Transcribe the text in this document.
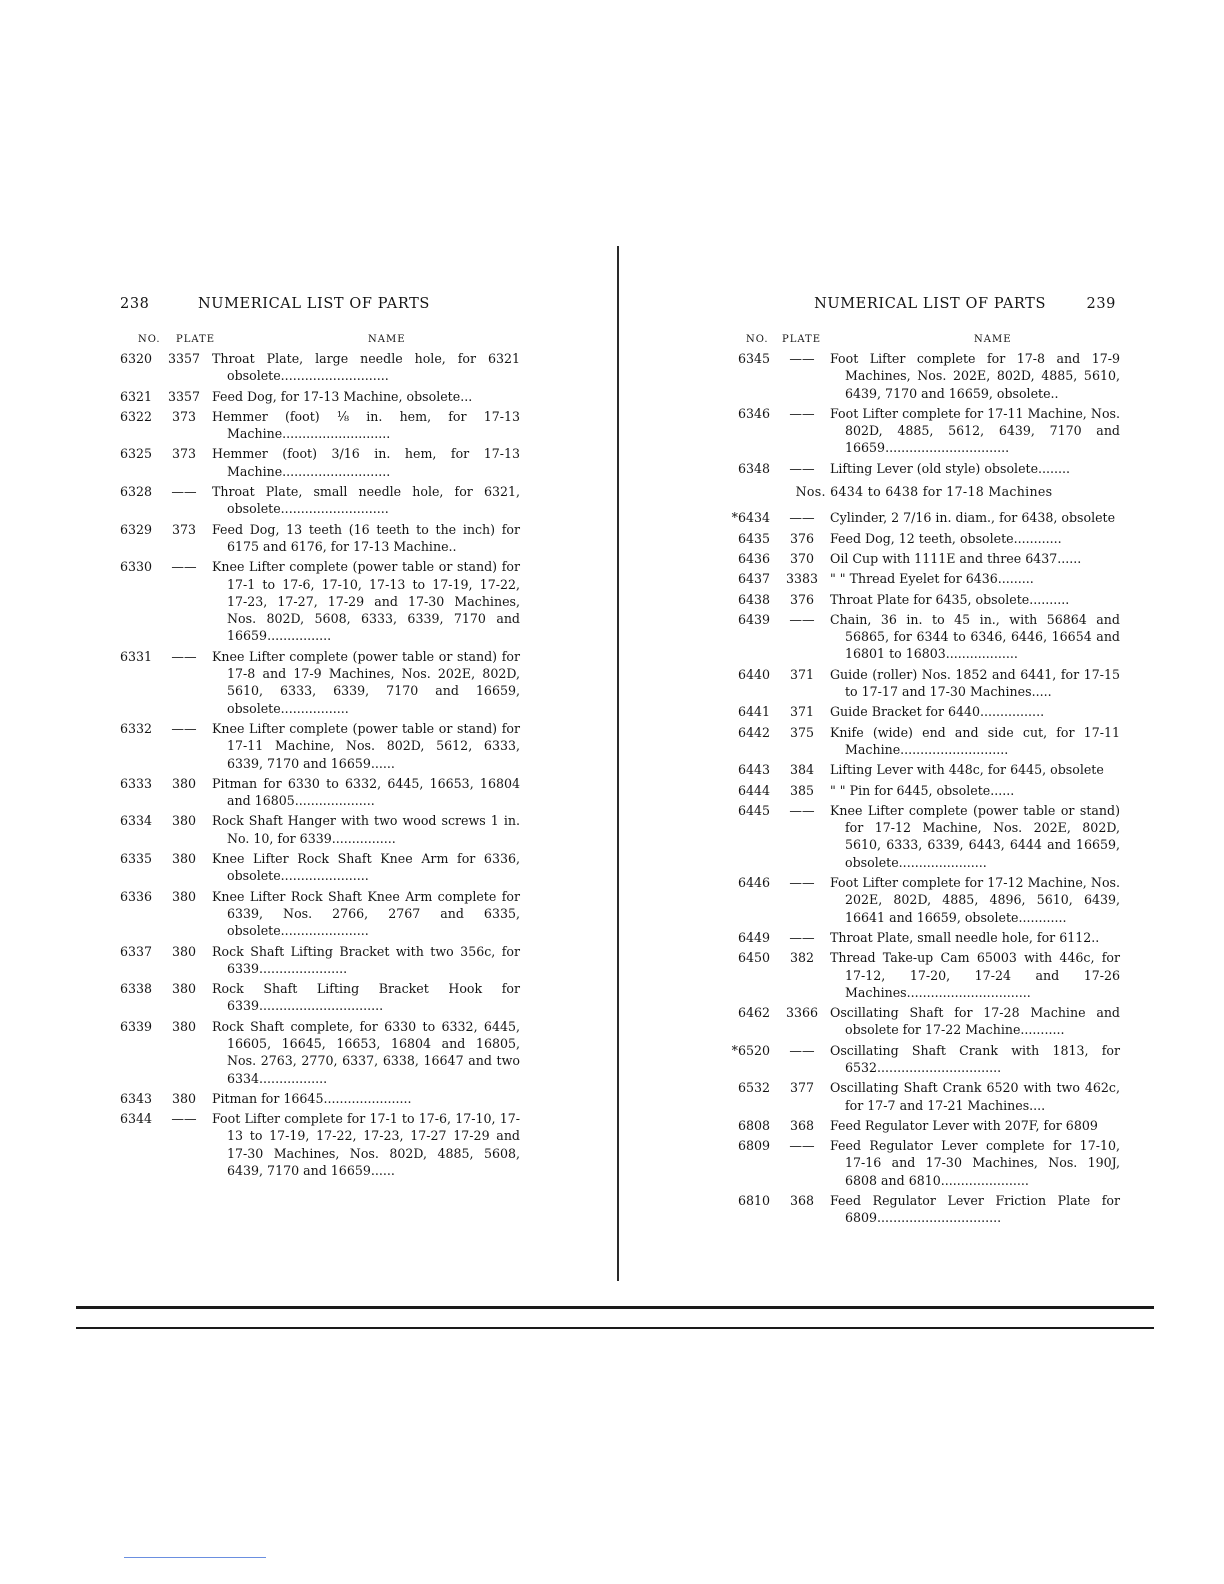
238	NUMERICAL LIST OF PARTS
NO. PLATE	NAME
6320	3357 Throat Plate, large needle hole, for 6321 obsolete...........................
6321	3357 Feed Dog, for 17-13 Machine, obsolete...
6322	373	Hemmer (foot) ⅛ in. hem, for 17-13 Machine...........................
6325	373	Hemmer (foot) 3/16 in. hem, for 17-13 Machine...........................
6328	——	Throat Plate, small needle hole, for 6321, obsolete...........................
6329	373	Feed Dog, 13 teeth (16 teeth to the inch) for 6175 and 6176, for 17-13 Machine..
6330	——	Knee Lifter complete (power table or stand) for 17-1 to 17-6, 17-10, 17-13 to 17-19, 17-22, 17-23, 17-27, 17-29 and 17-30 Machines, Nos. 802D, 5608, 6333, 6339, 7170 and 16659................
6331	——	Knee Lifter complete (power table or stand) for 17-8 and 17-9 Machines, Nos. 202E, 802D, 5610, 6333, 6339, 7170 and 16659, obsolete.................
6332	——	Knee Lifter complete (power table or stand) for 17-11 Machine, Nos. 802D, 5612, 6333, 6339, 7170 and 16659......
6333	380	Pitman for 6330 to 6332, 6445, 16653, 16804 and 16805....................
6334	380	Rock Shaft Hanger with two wood screws 1 in. No. 10, for 6339................
6335	380	Knee Lifter Rock Shaft Knee Arm for 6336, obsolete......................
6336	380	Knee Lifter Rock Shaft Knee Arm complete for 6339, Nos. 2766, 2767 and 6335, obsolete......................
6337	380	Rock Shaft Lifting Bracket with two 356c, for 6339......................
6338	380	Rock Shaft Lifting Bracket Hook for 6339...............................
6339	380	Rock Shaft complete, for 6330 to 6332, 6445, 16605, 16645, 16653, 16804 and 16805, Nos. 2763, 2770, 6337, 6338, 16647 and two 6334.................
6343	380	Pitman for 16645......................
6344	——	Foot Lifter complete for 17-1 to 17-6, 17-10, 17-13 to 17-19, 17-22, 17-23, 17-27 17-29 and 17-30 Machines, Nos. 802D, 4885, 5608, 6439, 7170 and 16659......
NUMERICAL LIST OF PARTS	239
NO. PLATE	NAME
6345	——	Foot Lifter complete for 17-8 and 17-9 Machines, Nos. 202E, 802D, 4885, 5610, 6439, 7170 and 16659, obsolete..
6346	——	Foot Lifter complete for 17-11 Machine, Nos. 802D, 4885, 5612, 6439, 7170 and 16659...............................
6348	——	Lifting Lever (old style) obsolete........
Nos. 6434 to 6438 for 17-18 Machines
*6434	——	Cylinder, 2 7/16 in. diam., for 6438, obsolete
6435	376	Feed Dog, 12 teeth, obsolete............
6436	370	Oil Cup with 1111E and three 6437......
6437	3383 " " Thread Eyelet for 6436.........
6438	376	Throat Plate for 6435, obsolete..........
6439	——	Chain, 36 in. to 45 in., with 56864 and 56865, for 6344 to 6346, 6446, 16654 and 16801 to 16803..................
6440	371	Guide (roller) Nos. 1852 and 6441, for 17-15 to 17-17 and 17-30 Machines.....
6441	371	Guide Bracket for 6440................
6442	375	Knife (wide) end and side cut, for 17-11 Machine...........................
6443	384	Lifting Lever with 448c, for 6445, obsolete
6444	385	" " Pin for 6445, obsolete......
6445	——	Knee Lifter complete (power table or stand) for 17-12 Machine, Nos. 202E, 802D, 5610, 6333, 6339, 6443, 6444 and 16659, obsolete......................
6446	——	Foot Lifter complete for 17-12 Machine, Nos. 202E, 802D, 4885, 4896, 5610, 6439, 16641 and 16659, obsolete............
6449	——	Throat Plate, small needle hole, for 6112..
6450	382	Thread Take-up Cam 65003 with 446c, for 17-12, 17-20, 17-24 and 17-26 Machines...............................
6462	3366 Oscillating Shaft for 17-28 Machine and obsolete for 17-22 Machine...........
*6520	——	Oscillating Shaft Crank with 1813, for 6532...............................
6532	377	Oscillating Shaft Crank 6520 with two 462c, for 17-7 and 17-21 Machines....
6808	368	Feed Regulator Lever with 207F, for 6809
6809	——	Feed Regulator Lever complete for 17-10, 17-16 and 17-30 Machines, Nos. 190J, 6808 and 6810......................
6810	368	Feed Regulator Lever Friction Plate for 6809...............................
